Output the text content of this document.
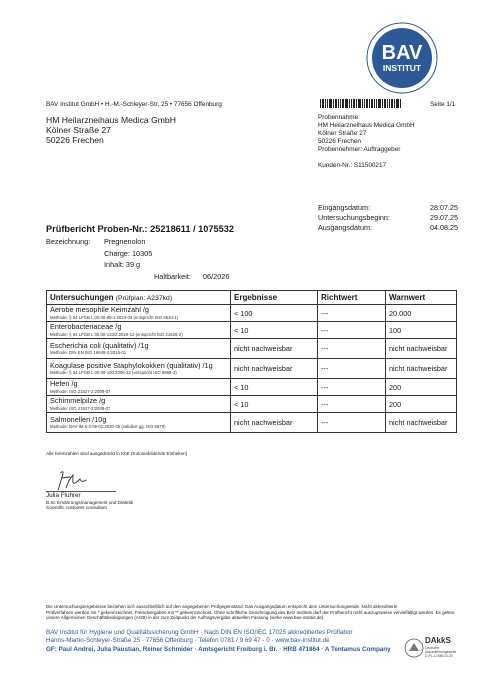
BAV
INSTITUT
BAV Institut GmbH • H.-M.-Schleyer-Str. 25 • 77656 Offenburg	Seite 1/1
HM Heilarzneihaus Medica GmbH
Kölner Straße 27
50226 Frechen
Probennahme:
HM Heilarzneihaus Medica GmbH
Kölner Straße 27
50226 Frechen
Probennehmer: Auftraggeber
Kunden-Nr.: S11500217
Eingangsdatum:	28.07.25
Untersuchungsbeginn:	29.07.25
Ausgangsdatum:	04.08.25
Prüfbericht Proben-Nr.: 25218611 / 1075532
Bezeichnung: Pregnenolon
Charge: 10305
Inhalt: 39 g
Haltbarkeit: 06/2026
Untersuchungen (Prüfplan: A237kd)	Ergebnisse	Richtwert	Warnwert

Aerobe mesophile Keimzahl /g
Methode: § 64 LFGB L 00.00-88-1:2023-04 (entspricht ISO 4833-1)	< 100	---	20.000

Enterobacteriaceae /g
Methode: § 64 LFGB L 00.00-133/2:2019-12 (entspricht ISO 21528-2)	< 10	---	100

Escherichia coli (qualitativ) /1g
Methode: DIN EN ISO 16649-3:2016-01	nicht nachweisbar	---	nicht nachweisbar

Koagulase positive Staphylokokken (qualitativ) /1g
Methode: § 64 LFGB L 00.00-100:2006-12 (entspricht ISO 6888-3)	nicht nachweisbar	---	nicht nachweisbar

Hefen /g
Methode: ISO 21527-2:2008-07	< 10	---	200

Schimmelpilze /g
Methode: ISO 21527-2:2008-07	< 10	---	200

Salmonellen /10g
Methode: BAV-IM-5.4-09-01:2020-05 (validiert gg. ISO 6579)	nicht nachweisbar	---	nicht nachweisbar
Alle Keimzahlen sind ausgedrückt in KbE (Koloniebildende Einheiten)
Julia Fluhrer
B.Sc Ernährungsmanagement und Diätetik
Scientific customer consultant
Die Untersuchungsergebnisse beziehen sich ausschließlich auf den angegebenen Prüfgegenstand. Das Ausgangsdatum entspricht dem Untersuchungsende. Nicht akkreditierte
Prüfverfahren werden mit * gekennzeichnet, Fremdvergaben mit ** gekennzeichnet. Ohne schriftliche Genehmigung des BAV Instituts darf der Prüfbericht nicht auszugsweise vervielfältigt werden. Es gelten
unsere Allgemeinen Geschäftsbedingungen (AGB) in der zum Zeitpunkt der Auftragsvergabe aktuellen Fassung (siehe www.bav-institut.de).
BAV Institut für Hygiene und Qualitätssicherung GmbH · Nach DIN EN ISO/IEC 17025 akkreditiertes Prüflabor
Hanns-Martin-Schleyer-Straße 25 · 77656 Offenburg · Telefon 0781 / 9 69 47 - 0 · www.bav-institut.de
GF: Paul Andrei, Julia Paustian, Reiner Schmider · Amtsgericht Freiburg i. Br. · HRB 471864 · A Tentamus Company
DAkkS
Deutsche
Akkreditierungsstelle
D-PL-17456-01-00
